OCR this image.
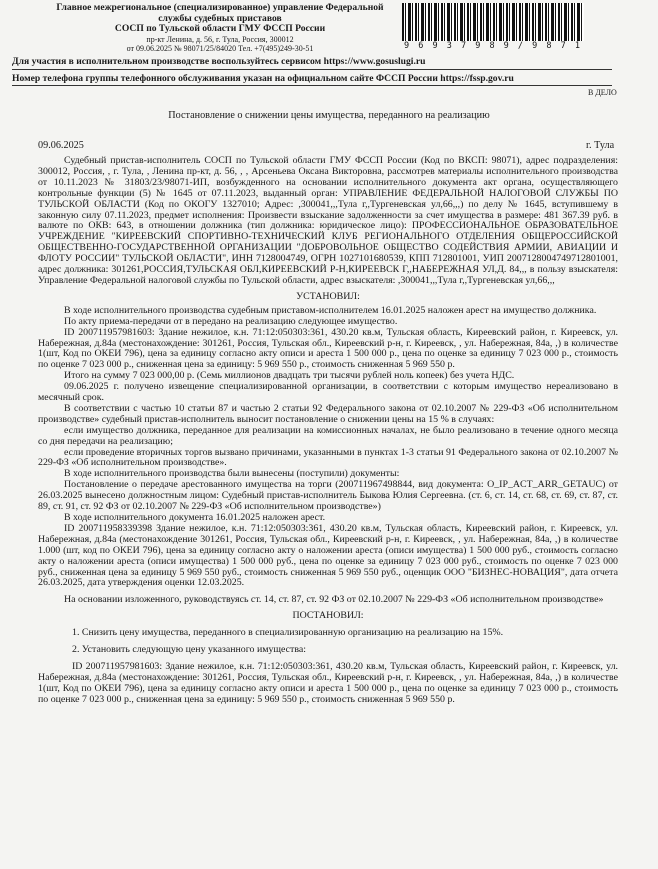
Главное межрегиональное (специализированное) управление Федеральной
службы судебных приставов
СОСП по Тульской области ГМУ ФССП России
пр-кт Ленина, д. 56, г. Тула, Россия, 300012
от 09.06.2025 № 98071/25/84020 Тел. +7(495)249-30-51	9 6 9 3 7 9 8 9 / 9 8 7 1
Для участия в исполнительном производстве воспользуйтесь сервисом https://www.gosuslugi.ru
Номер телефона группы телефонного обслуживания указан на официальном сайте ФССП России https://fssp.gov.ru
В ДЕЛО
Постановление о снижении цены имущества, переданного на реализацию
09.06.2025	г. Тула

Судебный пристав-исполнитель СОСП по Тульской области ГМУ ФССП России (Код по ВКСП: 98071), адрес подразделения: 300012, Россия, , г. Тула, , Ленина пр-кт, д. 56, , , Арсеньева Оксана Викторовна, рассмотрев материалы исполнительного производства от 10.11.2023 № 31803/23/98071-ИП, возбужденного на основании исполнительного документа акт органа, осуществляющего контрольные функции (5) № 1645 от 07.11.2023, выданный орган: УПРАВЛЕНИЕ ФЕДЕРАЛЬНОЙ НАЛОГОВОЙ СЛУЖБЫ ПО ТУЛЬСКОЙ ОБЛАСТИ (Код по ОКОГУ 1327010; Адрес: ,300041,,,Тула г,,Тургеневская ул,66,,,) по делу № 1645, вступившему в законную силу 07.11.2023, предмет исполнения: Произвести взыскание задолженности за счет имущества в размере: 481 367.39 руб. в валюте по ОКВ: 643, в отношении должника (тип должника: юридическое лицо): ПРОФЕССИОНАЛЬНОЕ ОБРАЗОВАТЕЛЬНОЕ УЧРЕЖДЕНИЕ "КИРЕЕВСКИЙ СПОРТИВНО-ТЕХНИЧЕСКИЙ КЛУБ РЕГИОНАЛЬНОГО ОТДЕЛЕНИЯ ОБЩЕРОССИЙСКОЙ ОБЩЕСТВЕННО-ГОСУДАРСТВЕННОЙ ОРГАНИЗАЦИИ "ДОБРОВОЛЬНОЕ ОБЩЕСТВО СОДЕЙСТВИЯ АРМИИ, АВИАЦИИ И ФЛОТУ РОССИИ" ТУЛЬСКОЙ ОБЛАСТИ", ИНН 7128004749, ОГРН 1027101680539, КПП 712801001, УИП 2007128004749712801001, адрес должника: 301261,РОССИЯ,ТУЛЬСКАЯ ОБЛ,КИРЕЕВСКИЙ Р-Н,КИРЕЕВСК Г,,НАБЕРЕЖНАЯ УЛ,Д. 84,,, в пользу взыскателя: Управление Федеральной налоговой службы по Тульской области, адрес взыскателя: ,300041,,,Тула г,,Тургеневская ул,66,,,

УСТАНОВИЛ:

В ходе исполнительного производства судебным приставом-исполнителем 16.01.2025 наложен арест на имущество должника.

По акту приема-передачи от в передано на реализацию следующее имущество.

ID 200711957981603: Здание нежилое, к.н. 71:12:050303:361, 430.20 кв.м, Тульская область, Киреевский район, г. Киреевск, ул. Набережная, д.84а (местонахождение: 301261, Россия, Тульская обл., Киреевский р-н, г. Киреевск, , ул. Набережная, 84а, ,) в количестве 1(шт, Код по ОКЕИ 796), цена за единицу согласно акту описи и ареста 1 500 000 р., цена по оценке за единицу 7 023 000 р., стоимость по оценке 7 023 000 р., сниженная цена за единицу: 5 969 550 р., стоимость сниженная 5 969 550 р.

Итого на сумму 7 023 000,00 р. (Семь миллионов двадцать три тысячи рублей ноль копеек) без учета НДС.

09.06.2025 г. получено извещение специализированной организации, в соответствии с которым имущество нереализовано в месячный срок.

В соответствии с частью 10 статьи 87 и частью 2 статьи 92 Федерального закона от 02.10.2007 № 229-ФЗ «Об исполнительном производстве» судебный пристав-исполнитель выносит постановление о снижении цены на 15 % в случаях:

если имущество должника, переданное для реализации на комиссионных началах, не было реализовано в течение одного месяца со дня передачи на реализацию;

если проведение вторичных торгов вызвано причинами, указанными в пунктах 1-3 статьи 91 Федерального закона от 02.10.2007 № 229-ФЗ «Об исполнительном производстве».

В ходе исполнительного производства были вынесены (поступили) документы:

Постановление о передаче арестованного имущества на торги (200711967498844, вид документа: O_IP_ACT_ARR_GETAUC) от 26.03.2025 вынесено должностным лицом: Судебный пристав-исполнитель Быкова Юлия Сергеевна. (ст. 6, ст. 14, ст. 68, ст. 69, ст. 87, ст. 89, ст. 91, ст. 92 ФЗ от 02.10.2007 № 229-ФЗ «Об исполнительном производстве»)

В ходе исполнительного документа 16.01.2025 наложен арест.

ID 200711958339398 Здание нежилое, к.н. 71:12:050303:361, 430.20 кв.м, Тульская область, Киреевский район, г. Киреевск, ул. Набережная, д.84а (местонахождение 301261, Россия, Тульская обл., Киреевский р-н, г. Киреевск, , ул. Набережная, 84а, ,) в количестве 1.000 (шт, код по ОКЕИ 796), цена за единицу согласно акту о наложении ареста (описи имущества) 1 500 000 руб., стоимость согласно акту о наложении ареста (описи имущества) 1 500 000 руб., цена по оценке за единицу 7 023 000 руб., стоимость по оценке 7 023 000 руб., сниженная цена за единицу 5 969 550 руб., стоимость сниженная 5 969 550 руб., оценщик ООО "БИЗНЕС-НОВАЦИЯ", дата отчета 26.03.2025, дата утверждения оценки 12.03.2025.

На основании изложенного, руководствуясь ст. 14, ст. 87, ст. 92 ФЗ от 02.10.2007 № 229-ФЗ «Об исполнительном производстве»

ПОСТАНОВИЛ:

1. Снизить цену имущества, переданного в специализированную организацию на реализацию на 15%.

2. Установить следующую цену указанного имущества:

ID 200711957981603: Здание нежилое, к.н. 71:12:050303:361, 430.20 кв.м, Тульская область, Киреевский район, г. Киреевск, ул. Набережная, д.84а (местонахождение: 301261, Россия, Тульская обл., Киреевский р-н, г. Киреевск, , ул. Набережная, 84а, ,) в количестве 1(шт, Код по ОКЕИ 796), цена за единицу согласно акту описи и ареста 1 500 000 р., цена по оценке за единицу 7 023 000 р., стоимость по оценке 7 023 000 р., сниженная цена за единицу: 5 969 550 р., стоимость сниженная 5 969 550 р.
